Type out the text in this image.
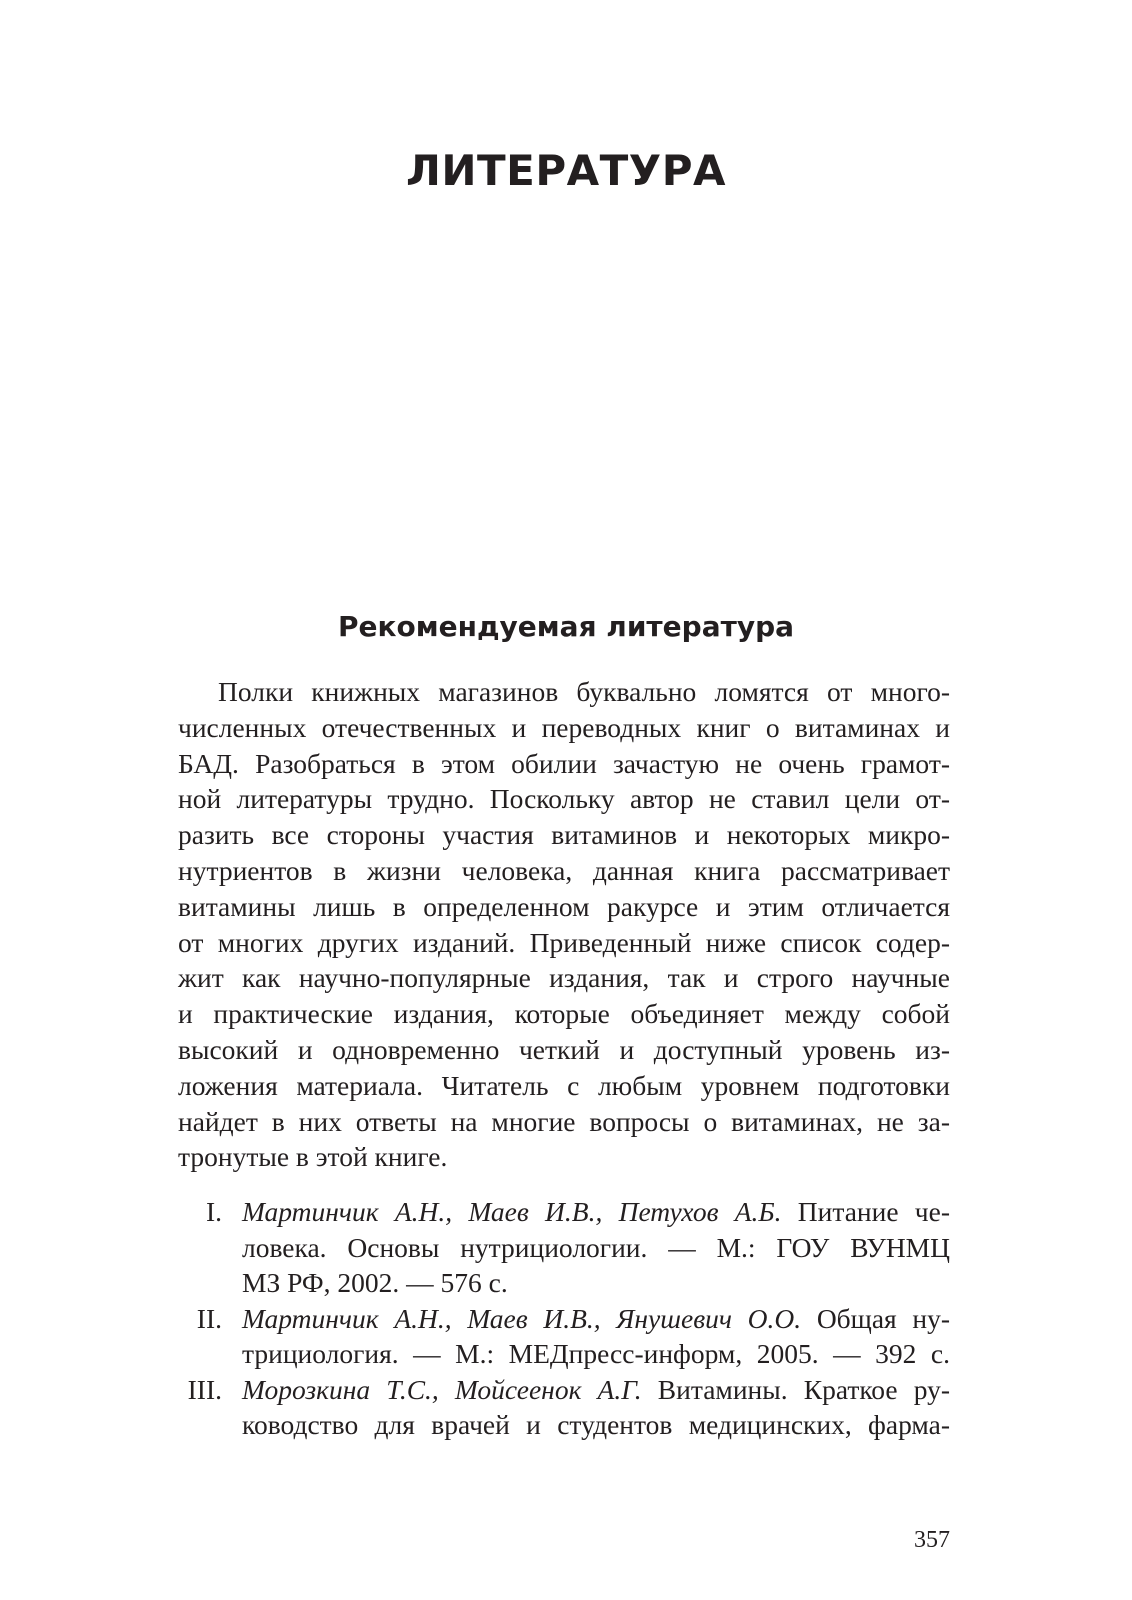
ЛИТЕРАТУРА
Рекомендуемая литература

Полки книжных магазинов буквально ломятся от много-
численных отечественных и переводных книг о витаминах и
БАД. Разобраться в этом обилии зачастую не очень грамот-
ной литературы трудно. Поскольку автор не ставил цели от-
разить все стороны участия витаминов и некоторых микро-
нутриентов в жизни человека, данная книга рассматривает
витамины лишь в определенном ракурсе и этим отличается
от многих других изданий. Приведенный ниже список содер-
жит как научно-популярные издания, так и строго научные
и практические издания, которые объединяет между собой
высокий и одновременно четкий и доступный уровень из-
ложения материала. Читатель с любым уровнем подготовки
найдет в них ответы на многие вопросы о витаминах, не за-
тронутые в этой книге.

I. Мартинчик А.Н., Маев И.В., Петухов А.Б. Питание че-
ловека. Основы нутрициологии. — М.: ГОУ ВУНМЦ
МЗ РФ, 2002. — 576 с.
II. Мартинчик А.Н., Маев И.В., Янушевич О.О. Общая ну-
трициология. — М.: МЕДпресс-информ, 2005. — 392 с.
III. Морозкина Т.С., Мойсеенок А.Г. Витамины. Краткое ру-
ководство для врачей и студентов медицинских, фарма-
357
